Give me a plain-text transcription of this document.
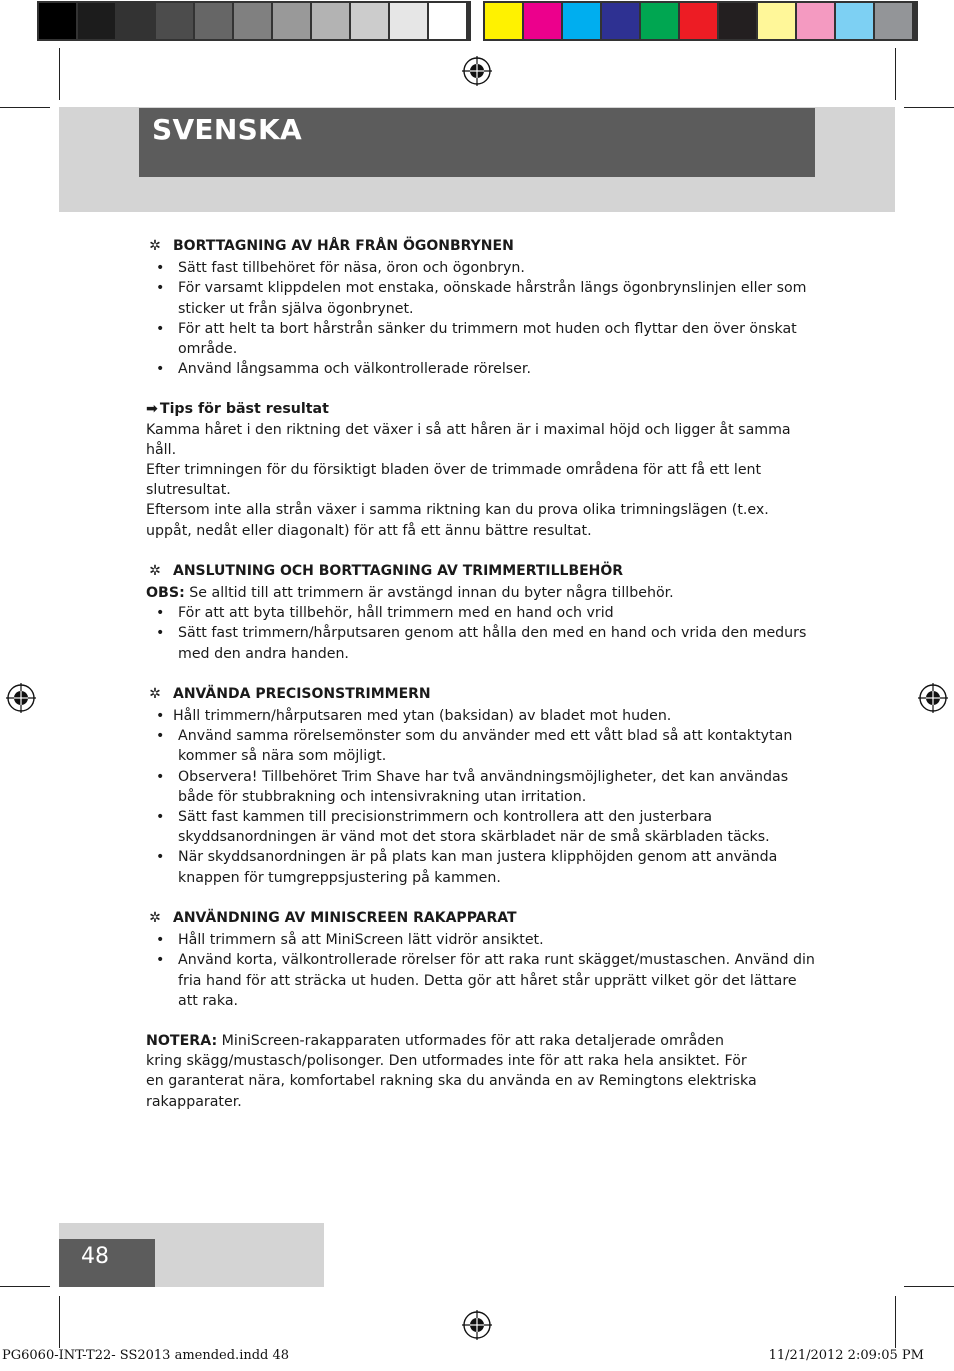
SVENSKA

✲ BORTTAGNING AV HÅR FRÅN ÖGONBRYNEN

• Sätt fast tillbehöret för näsa, öron och ögonbryn.
• För varsamt klippdelen mot enstaka, oönskade hårstrån längs ögonbrynslinjen eller som sticker ut från själva ögonbrynet.
• För att helt ta bort hårstrån sänker du trimmern mot huden och flyttar den över önskat område.
• Använd långsamma och välkontrollerade rörelser.

➡ Tips för bäst resultat

Kamma håret i den riktning det växer i så att håren är i maximal höjd och ligger åt samma håll.

Efter trimningen för du försiktigt bladen över de trimmade områdena för att få ett lent slutresultat.

Eftersom inte alla strån växer i samma riktning kan du prova olika trimningslägen (t.ex. uppåt, nedåt eller diagonalt) för att få ett ännu bättre resultat.

✲ ANSLUTNING OCH BORTTAGNING AV TRIMMERTILLBEHÖR

OBS: Se alltid till att trimmern är avstängd innan du byter några tillbehör.

• För att att byta tillbehör, håll trimmern med en hand och vrid
• Sätt fast trimmern/hårputsaren genom att hålla den med en hand och vrida den medurs med den andra handen.

✲ ANVÄNDA PRECISONSTRIMMERN

• Håll trimmern/hårputsaren med ytan (baksidan) av bladet mot huden.
• Använd samma rörelsemönster som du använder med ett vått blad så att kontaktytan kommer så nära som möjligt.
• Observera! Tillbehöret Trim Shave har två användningsmöjligheter, det kan användas både för stubbrakning och intensivrakning utan irritation.
• Sätt fast kammen till precisionstrimmern och kontrollera att den justerbara skyddsanordningen är vänd mot det stora skärbladet när de små skärbladen täcks.
• När skyddsanordningen är på plats kan man justera klipphöjden genom att använda knappen för tumgreppsjustering på kammen.

✲ ANVÄNDNING AV MINISCREEN RAKAPPARAT

• Håll trimmern så att MiniScreen lätt vidrör ansiktet.
• Använd korta, välkontrollerade rörelser för att raka runt skägget/mustaschen. Använd din fria hand för att sträcka ut huden. Detta gör att håret står upprätt vilket gör det lättare att raka.

NOTERA: MiniScreen-rakapparaten utformades för att raka detaljerade områden

kring skägg/mustasch/polisonger. Den utformades inte för att raka hela ansiktet. För

en garanterat nära, komfortabel rakning ska du använda en av Remingtons elektriska

rakapparater.

48
PG6060-INT-T22- SS2013 amended.indd 48	11/21/2012 2:09:05 PM
